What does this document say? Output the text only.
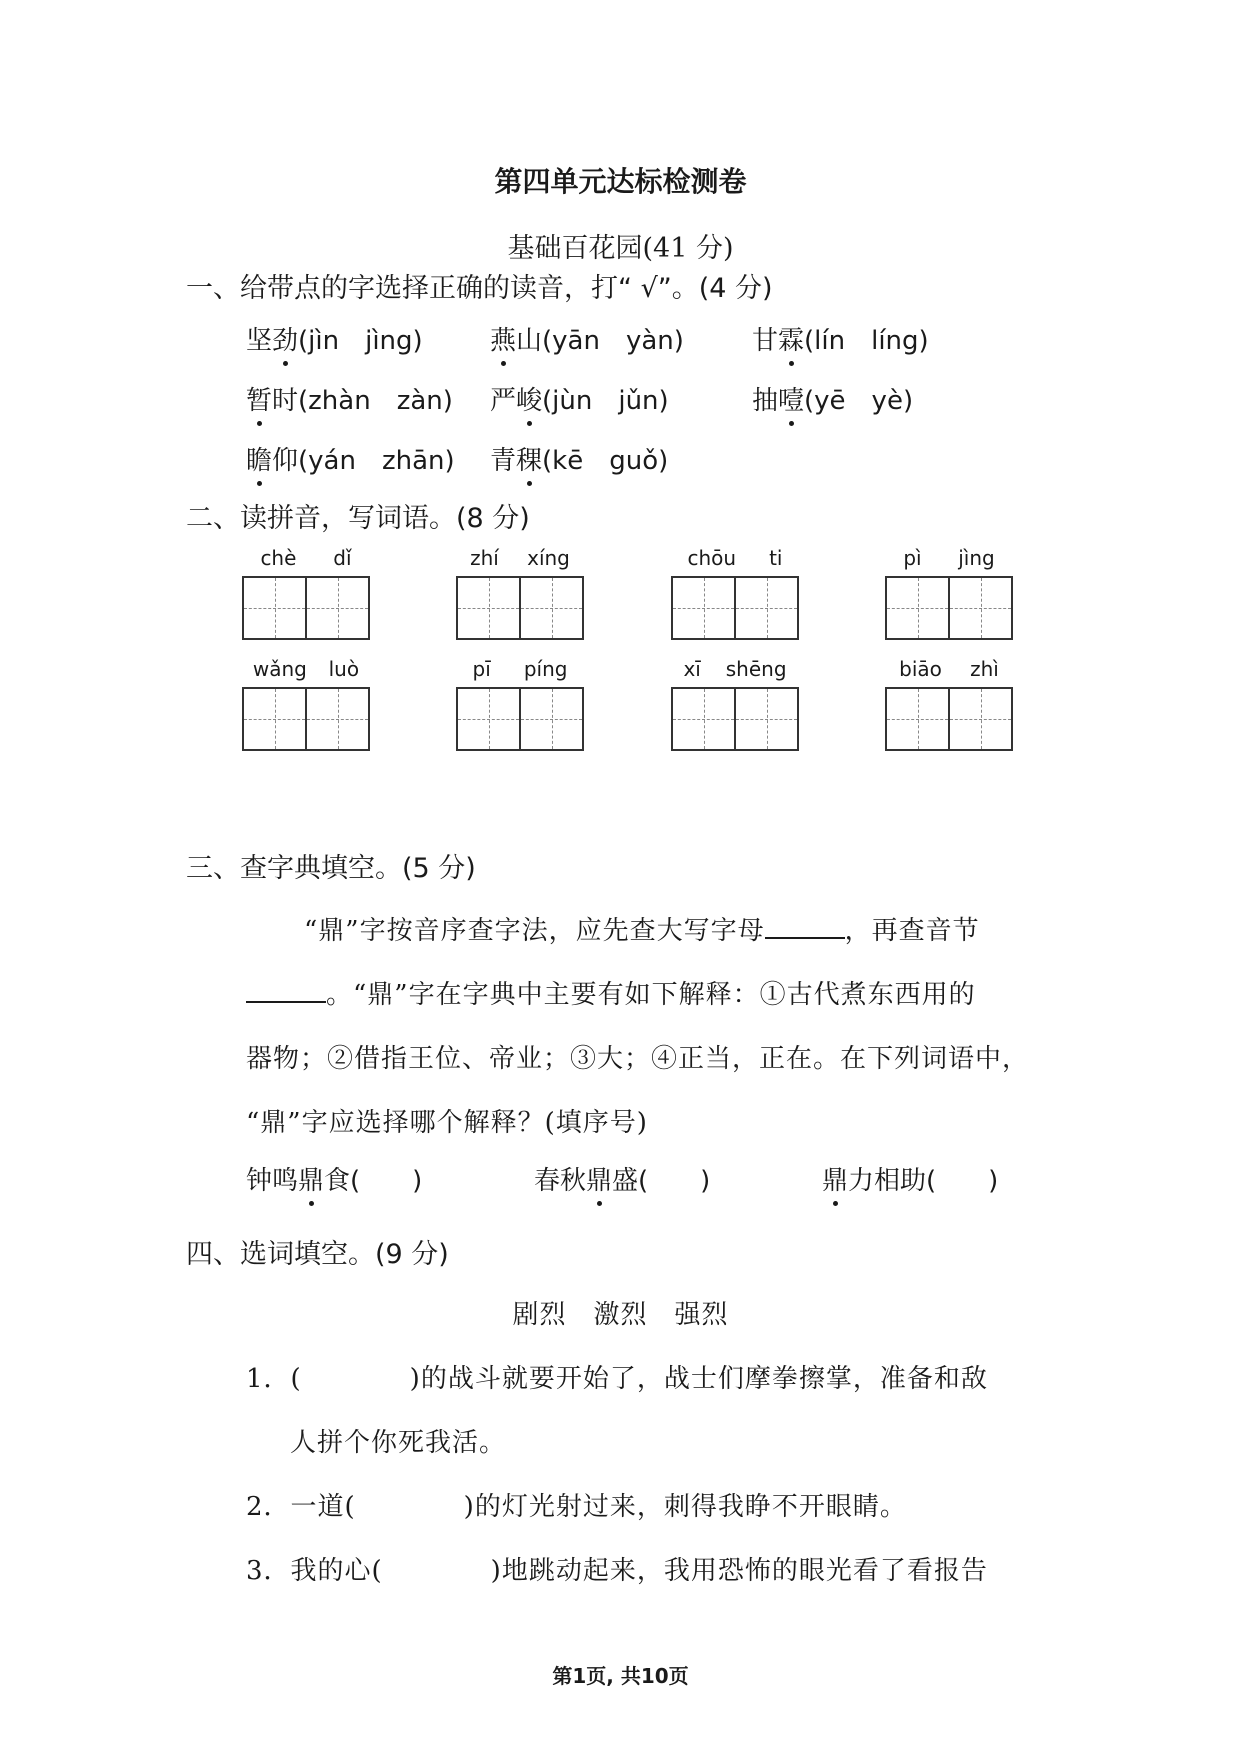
第四单元达标检测卷
基础百花园(41 分)
一、给带点的字选择正确的读音，打“ √”。(4 分)
坚劲(jìn　jìng)	燕山(yān　yàn)	甘霖(lín　líng)
暂时(zhàn　zàn) 严峻(jùn　jǔn)	抽噎(yē　yè)
瞻仰(yán　zhān) 青稞(kē　guǒ)
二、读拼音，写词语。(8 分)
chè dǐ	zhí xíng	chōu ti	pì jìng
wǎng luò	pī píng	xī shēng	biāo zhì
三、查字典填空。(5 分)
“鼎”字按音序查字法，应先查大写字母	，再查音节
。“鼎”字在字典中主要有如下解释：①古代煮东西用的
器物；②借指王位、帝业；③大；④正当，正在。在下列词语中，
“鼎”字应选择哪个解释？(填序号)
钟鸣鼎食(　　)	春秋鼎盛(　　)	鼎力相助(　　)
四、选词填空。(9 分)
剧烈　激烈　强烈
1．(　　　　)的战斗就要开始了，战士们摩拳擦掌，准备和敌
人拼个你死我活。
2．一道(　　　　)的灯光射过来，刺得我睁不开眼睛。
3．我的心(　　　　)地跳动起来，我用恐怖的眼光看了看报告
第1页, 共10页
